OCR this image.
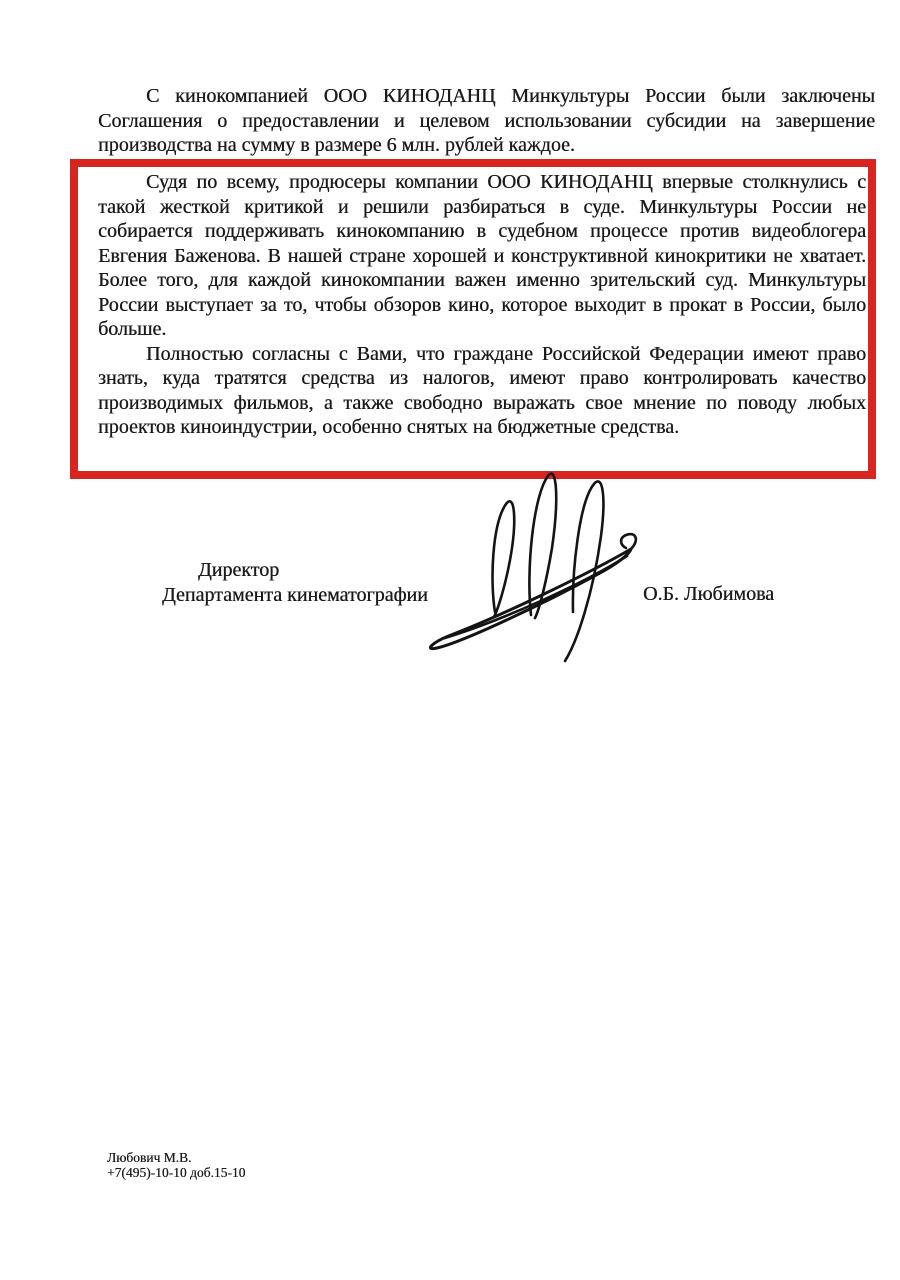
С кинокомпанией ООО КИНОДАНЦ Минкультуры России были заключены Соглашения о предоставлении и целевом использовании субсидии на завершение производства на сумму в размере 6 млн. рублей каждое.

Судя по всему, продюсеры компании ООО КИНОДАНЦ впервые столкнулись с такой жесткой критикой и решили разбираться в суде. Минкультуры России не собирается поддерживать кинокомпанию в судебном процессе против видеоблогера Евгения Баженова. В нашей стране хорошей и конструктивной кинокритики не хватает. Более того, для каждой кинокомпании важен именно зрительский суд. Минкультуры России выступает за то, чтобы обзоров кино, которое выходит в прокат в России, было больше.

Полностью согласны с Вами, что граждане Российской Федерации имеют право знать, куда тратятся средства из налогов, имеют право контролировать качество производимых фильмов, а также свободно выражать свое мнение по поводу любых проектов киноиндустрии, особенно снятых на бюджетные средства.

Директор
Департамента кинематографии	О.Б. Любимова
Любович М.В.
+7(495)-10-10 доб.15-10
